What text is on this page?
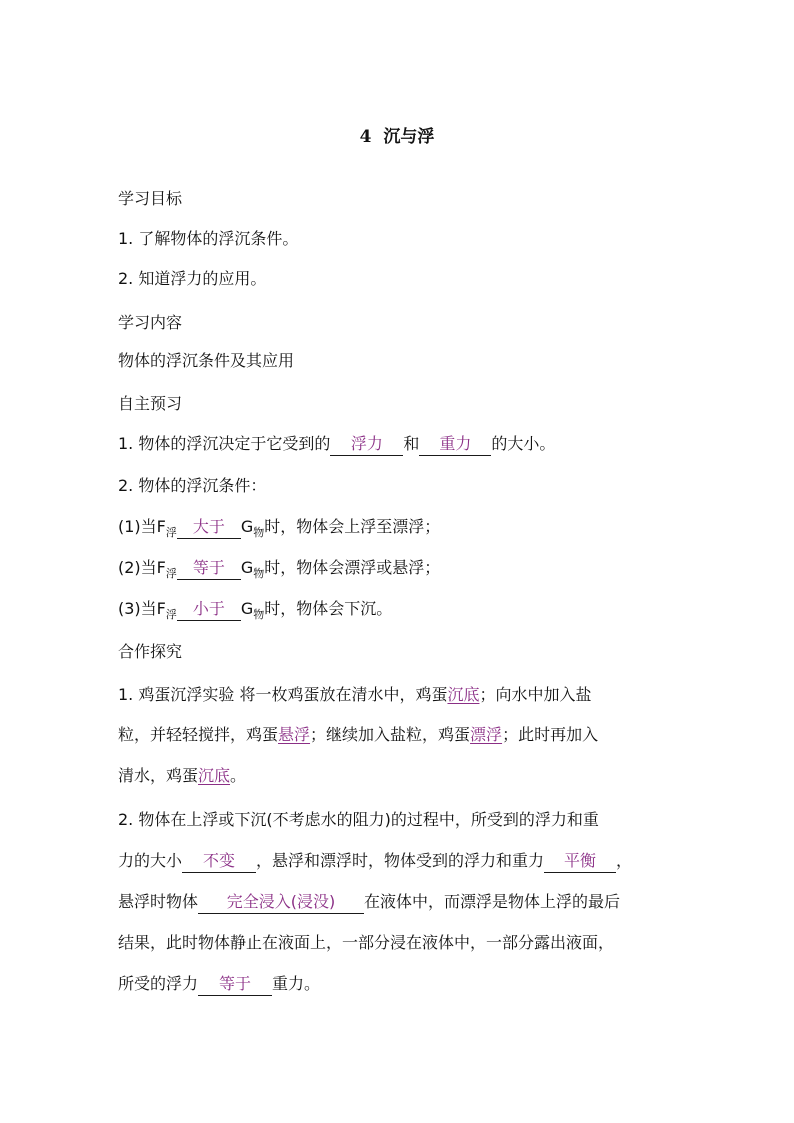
4  沉与浮
学习目标
1. 了解物体的浮沉条件。
2. 知道浮力的应用。
学习内容
物体的浮沉条件及其应用
自主预习
1. 物体的浮沉决定于它受到的 浮力 和 重力 的大小。
2. 物体的浮沉条件：
(1)当$F_浮$ 大于 $G_物$时，物体会上浮至漂浮；
(2)当$F_浮$ 等于 $G_物$时，物体会漂浮或悬浮；
(3)当$F_浮$ 小于 $G_物$时，物体会下沉。
合作探究
1. 鸡蛋沉浮实验 将一枚鸡蛋放在清水中，鸡蛋沉底；向水中加入盐
粒，并轻轻搅拌，鸡蛋悬浮；继续加入盐粒，鸡蛋漂浮；此时再加入
清水，鸡蛋沉底。
2. 物体在上浮或下沉(不考虑水的阻力)的过程中，所受到的浮力和重
力的大小 不变 ，悬浮和漂浮时，物体受到的浮力和重力 平衡 ，
悬浮时物体 完全浸入(浸没) 在液体中，而漂浮是物体上浮的最后
结果，此时物体静止在液面上，一部分浸在液体中，一部分露出液面，
所受的浮力 等于 重力。
